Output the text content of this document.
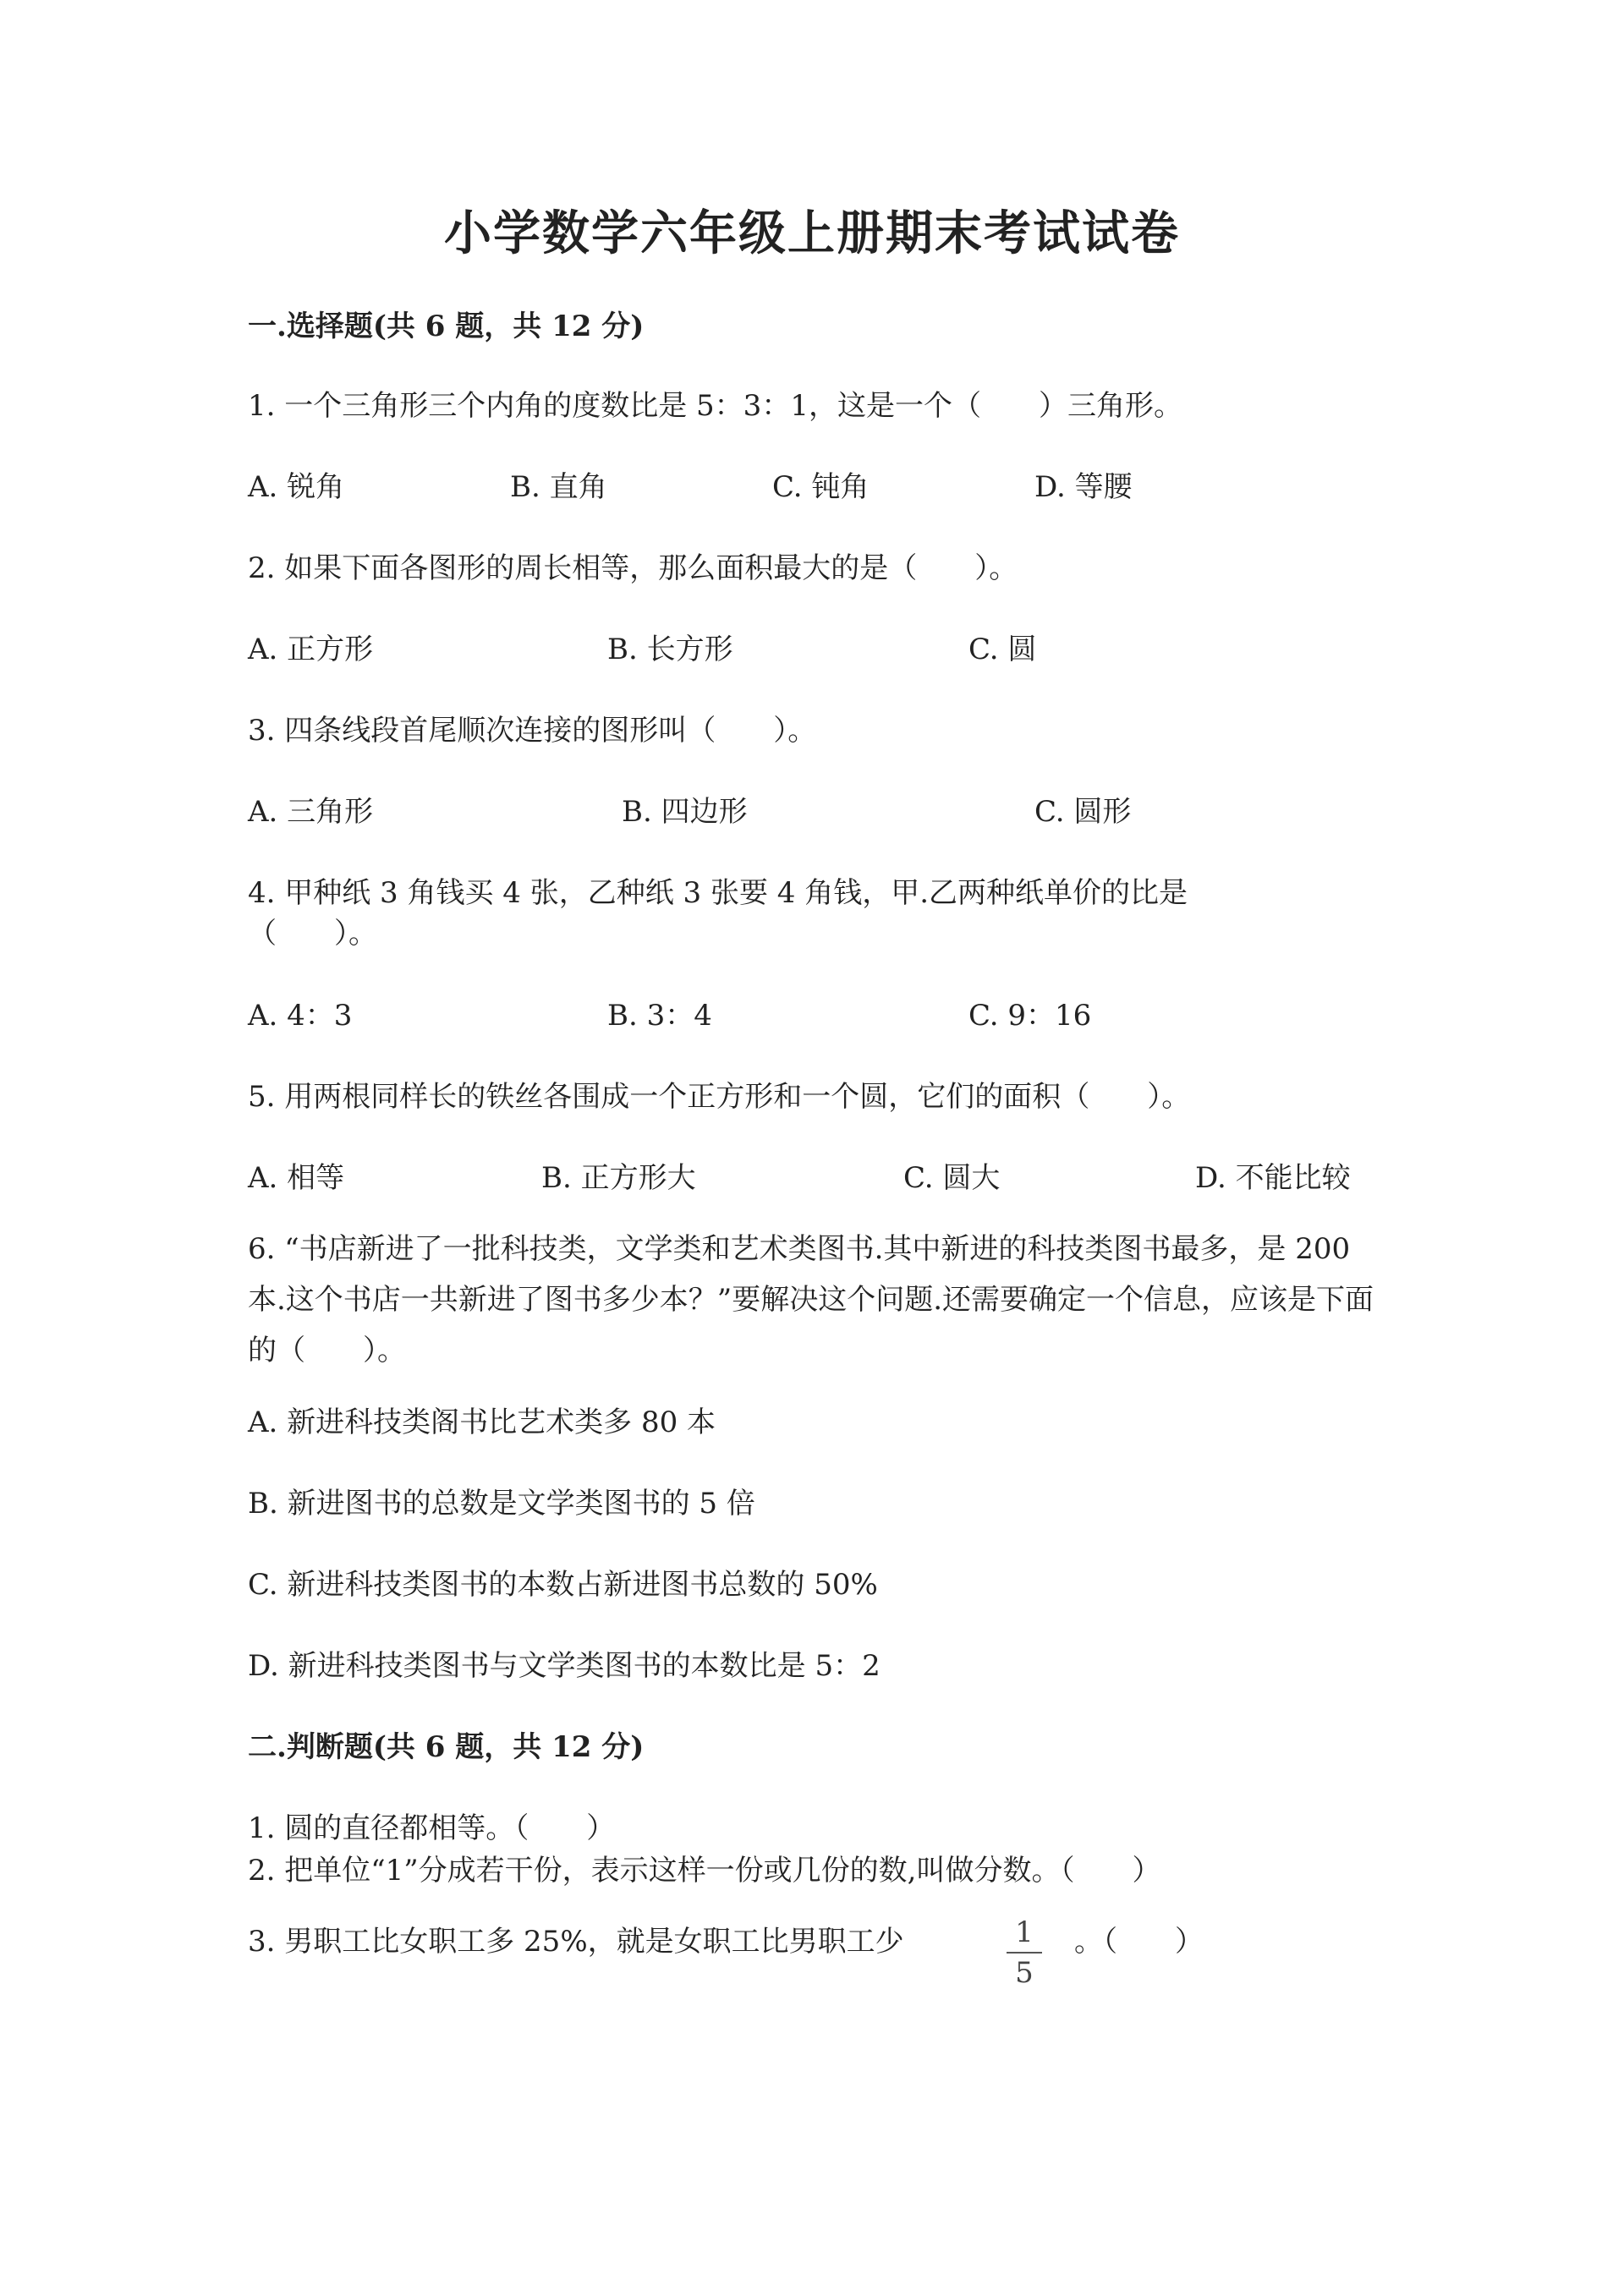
小学数学六年级上册期末考试试卷
一.选择题(共 6 题，共 12 分)
1. 一个三角形三个内角的度数比是 5：3：1，这是一个（　　）三角形。
A. 锐角	B. 直角	C. 钝角	D. 等腰
2. 如果下面各图形的周长相等，那么面积最大的是（　　）。
A. 正方形	B. 长方形	C. 圆
3. 四条线段首尾顺次连接的图形叫（　　）。
A. 三角形	B. 四边形	C. 圆形
4. 甲种纸 3 角钱买 4 张，乙种纸 3 张要 4 角钱，甲.乙两种纸单价的比是
（　　）。
A. 4：3	B. 3：4	C. 9：16
5. 用两根同样长的铁丝各围成一个正方形和一个圆，它们的面积（　　）。
A. 相等	B. 正方形大	C. 圆大	D. 不能比较
6. “书店新进了一批科技类，文学类和艺术类图书.其中新进的科技类图书最多，是 200 本.这个书店一共新进了图书多少本？”要解决这个问题.还需要确定一个信息，应该是下面的（　　）。
A. 新进科技类阁书比艺术类多 80 本
B. 新进图书的总数是文学类图书的 5 倍
C. 新进科技类图书的本数占新进图书总数的 50%
D. 新进科技类图书与文学类图书的本数比是 5：2
二.判断题(共 6 题，共 12 分)
1. 圆的直径都相等。（　　）
2. 把单位“1”分成若干份，表示这样一份或几份的数,叫做分数。（　　）
3. 男职工比女职工多 25%，就是女职工比男职工少	1
5
。（　　）
